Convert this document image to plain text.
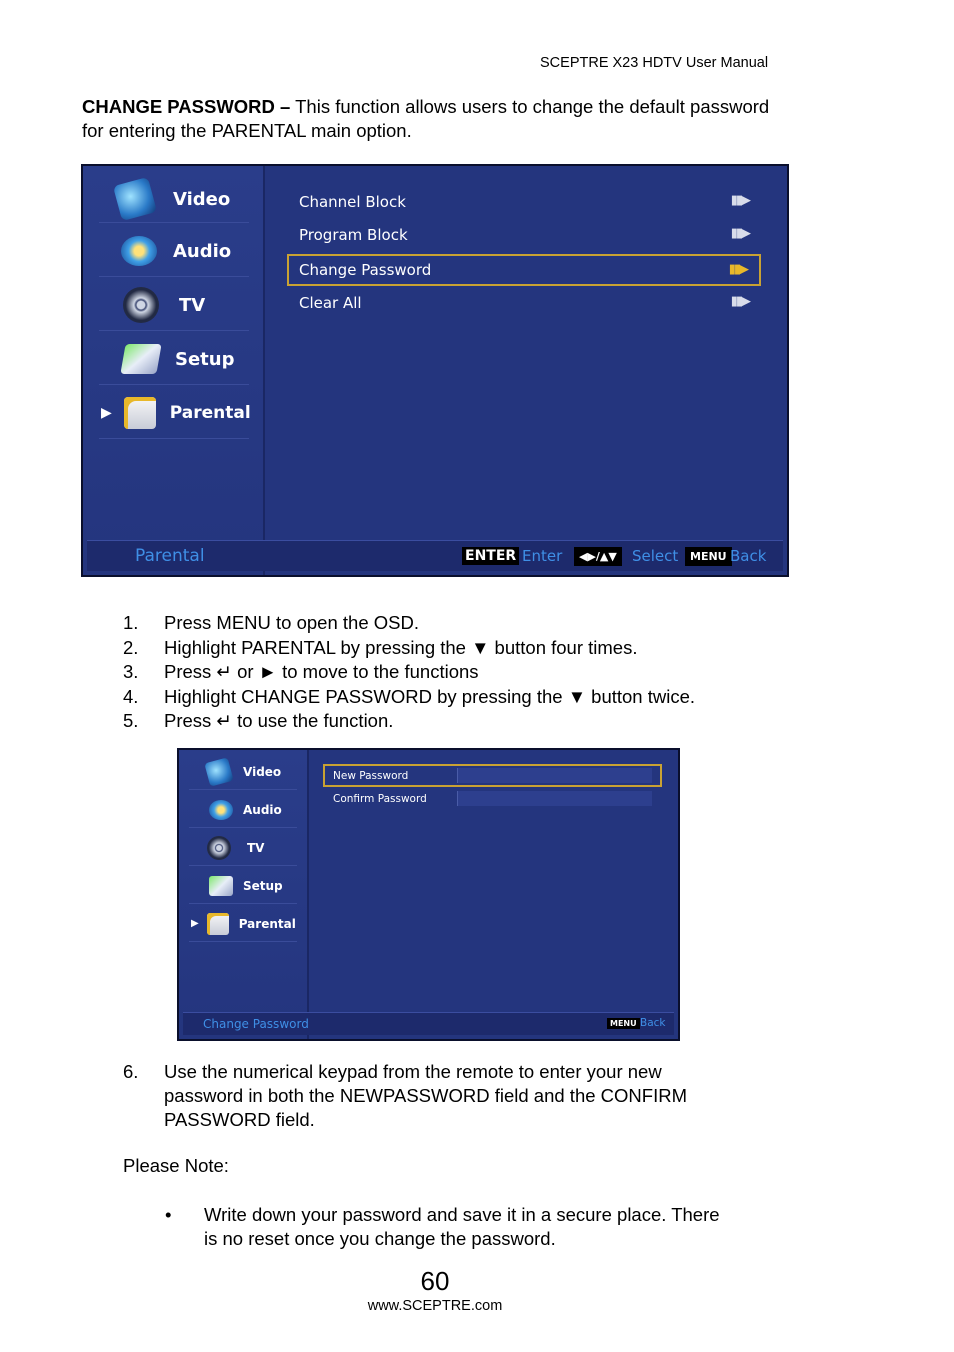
SCEPTRE X23 HDTV User Manual
CHANGE PASSWORD – This function allows users to change the default password for entering the PARENTAL main option.
Video
Audio
TV
Setup
▶	Parental
Channel Block	▮▮▶
Program Block	▮▮▶
Change Password	▮▮▶
Clear All	▮▮▶
Parental	ENTER Enter	◀▶/▲▼	Select	MENU Back
1. Press MENU to open the OSD.
2. Highlight PARENTAL by pressing the ▼ button four times.
3. Press ↵ or ► to move to the functions
4. Highlight CHANGE PASSWORD by pressing the ▼ button twice.
5. Press ↵ to use the function.
Video
Audio
TV
Setup
▶	Parental
New Password
Confirm Password
Change Password	MENU Back
6. Use the numerical keypad from the remote to enter your new
password in both the NEWPASSWORD field and the CONFIRM
PASSWORD field.
Please Note:
• Write down your password and save it in a secure place. There
is no reset once you change the password.
60
www.SCEPTRE.com
